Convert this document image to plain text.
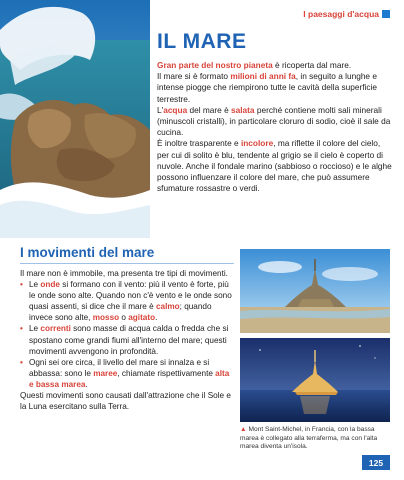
I paesaggi d'acqua
IL MARE

Gran parte del nostro pianeta è ricoperta dal mare.

Il mare si è formato milioni di anni fa, in seguito a lunghe e intense piogge che riempirono tutte le cavità della superficie terrestre.

L'acqua del mare è salata perché contiene molti sali minerali (minuscoli cristalli), in particolare cloruro di sodio, cioè il sale da cucina.

È inoltre trasparente e incolore, ma riflette il colore del cielo, per cui di solito è blu, tendente al grigio se il cielo è coperto di nuvole. Anche il fondale marino (sabbioso o roccioso) e le alghe possono influenzare il colore del mare, che può assumere sfumature rossastre o verdi.

I movimenti del mare

Il mare non è immobile, ma presenta tre tipi di movimenti.

• Le onde si formano con il vento: più il vento è forte, più le onde sono alte. Quando non c'è vento e le onde sono quasi assenti, si dice che il mare è calmo; quando invece sono alte, mosso o agitato.

• Le correnti sono masse di acqua calda o fredda che si spostano come grandi fiumi all'interno del mare; questi movimenti avvengono in profondità.

• Ogni sei ore circa, il livello del mare si innalza e si abbassa: sono le maree, chiamate rispettivamente alta e bassa marea.

Questi movimenti sono causati dall'attrazione che il Sole e la Luna esercitano sulla Terra.

▲ Mont Saint-Michel, in Francia, con la bassa marea è collegato alla terraferma, ma con l'alta marea diventa un'isola.
125
